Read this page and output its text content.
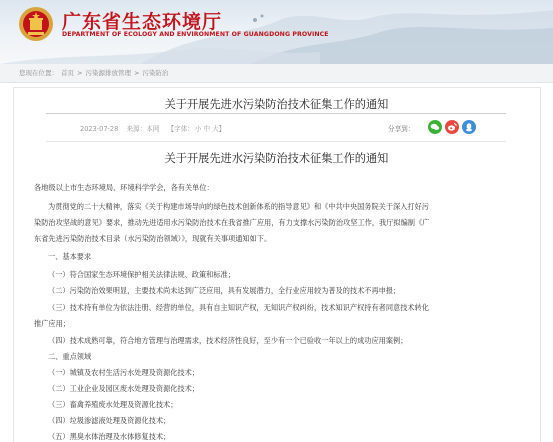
广东省生态环境厅
DEPARTMENT OF ECOLOGY AND ENVIRONMENT OF GUANGDONG PROVINCE
您现在位置： 首页 > 污染源排放管理 > 污染防治
关于开展先进水污染防治技术征集工作的通知
2023-07-28 来源：本网 【字体：小 中 大】	分享到：
关于开展先进水污染防治技术征集工作的通知
各地级以上市生态环境局、环境科学学会，各有关单位：
为贯彻党的二十大精神，落实《关于构建市场导向的绿色技术创新体系的指导意见》和《中共中央国务院关于深入打好污
染防治攻坚战的意见》要求，推动先进适用水污染防治技术在我省推广应用，有力支撑水污染防治攻坚工作，我厅拟编制《广
东省先进污染防治技术目录（水污染防治领域）》，现就有关事项通知如下。
一、基本要求
（一）符合国家生态环境保护相关法律法规、政策和标准；
（二）污染防治效果明显，主要技术尚未达到广泛应用，具有发展潜力，全行业应用较为普及的技术不再申报；
（三）技术持有单位为依法注册、经营的单位，具有自主知识产权，无知识产权纠纷，技术知识产权持有者同意技术转化
推广应用；
（四）技术成熟可靠，符合地方管理与治理需求，技术经济性良好，至少有一个已验收一年以上的成功应用案例；
二、重点领域
（一）城镇及农村生活污水处理及资源化技术；
（二）工业企业及园区废水处理及资源化技术；
（三）畜禽养殖废水处理及资源化技术；
（四）垃圾渗滤液处理及资源化技术；
（五）黑臭水体治理及水体修复技术；
